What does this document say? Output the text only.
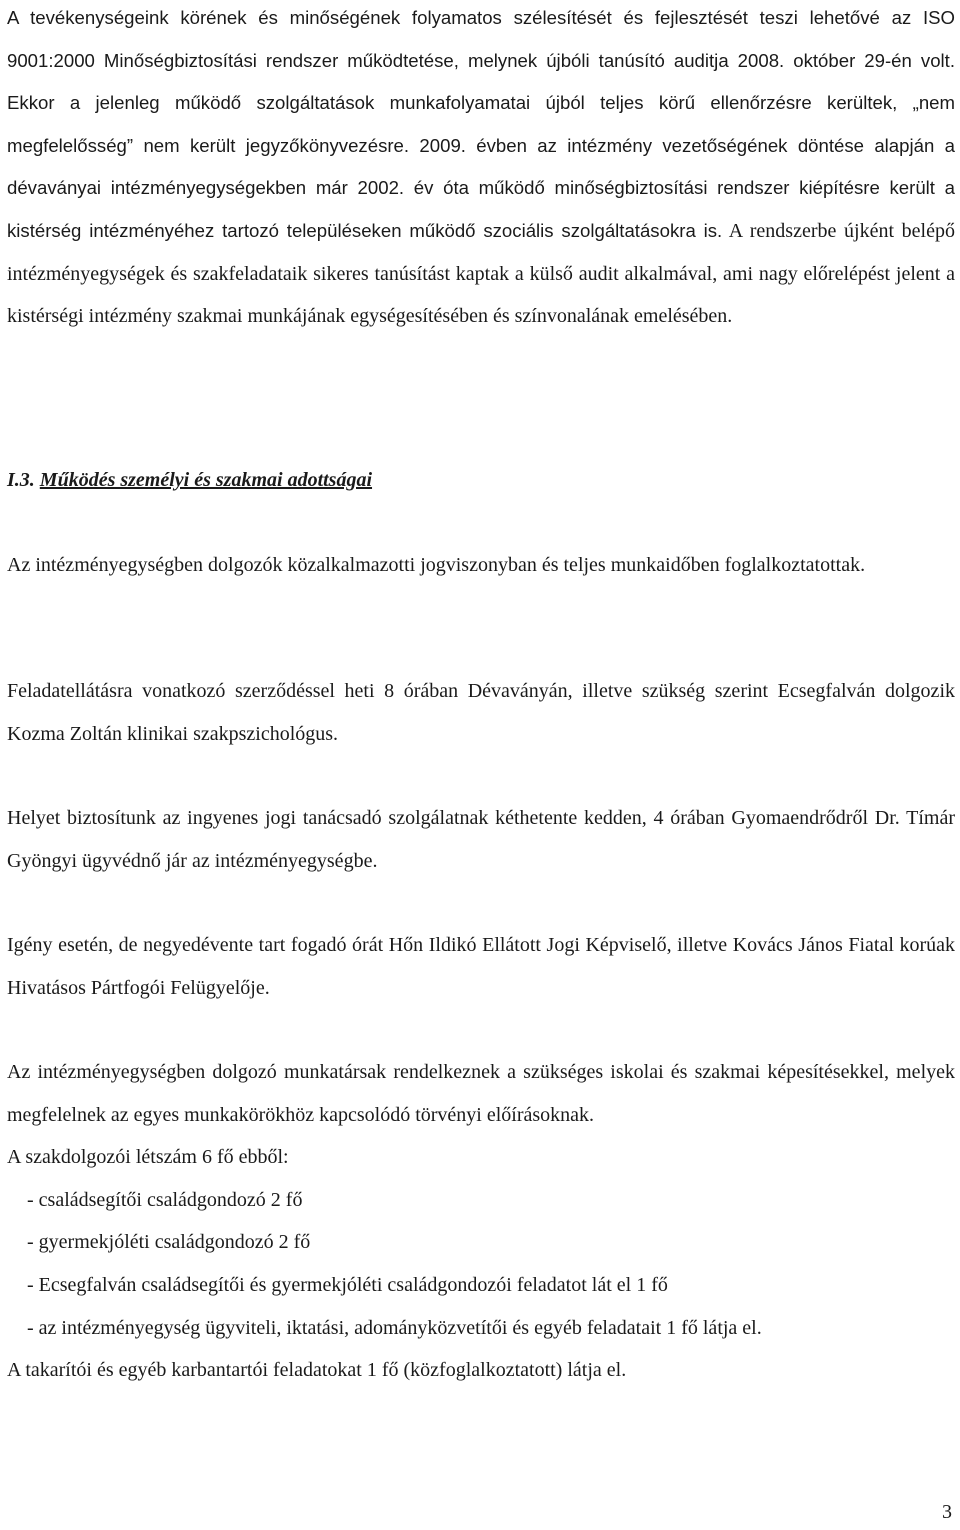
A tevékenységeink körének és minőségének folyamatos szélesítését és fejlesztését teszi lehetővé az ISO 9001:2000 Minőségbiztosítási rendszer működtetése, melynek újbóli tanúsító auditja 2008. október 29-én volt. Ekkor a jelenleg működő szolgáltatások munkafolyamatai újból teljes körű ellenőrzésre kerültek, „nem megfelelősség” nem került jegyzőkönyvezésre. 2009. évben az intézmény vezetőségének döntése alapján a dévaványai intézményegységekben már 2002. év óta működő minőségbiztosítási rendszer kiépítésre került a kistérség intézményéhez tartozó településeken működő szociális szolgáltatásokra is. A rendszerbe újként belépő intézményegységek és szakfeladataik sikeres tanúsítást kaptak a külső audit alkalmával, ami nagy előrelépést jelent a kistérségi intézmény szakmai munkájának egységesítésében és színvonalának emelésében.

I.3. Működés személyi és szakmai adottságai

Az intézményegységben dolgozók közalkalmazotti jogviszonyban és teljes munkaidőben foglalkoztatottak.

Feladatellátásra vonatkozó szerződéssel heti 8 órában Dévaványán, illetve szükség szerint Ecsegfalván dolgozik Kozma Zoltán klinikai szakpszichológus.

Helyet biztosítunk az ingyenes jogi tanácsadó szolgálatnak kéthetente kedden, 4 órában Gyomaendrődről Dr. Tímár Gyöngyi ügyvédnő jár az intézményegységbe.

Igény esetén, de negyedévente tart fogadó órát Hőn Ildikó Ellátott Jogi Képviselő, illetve Kovács János Fiatal korúak Hivatásos Pártfogói Felügyelője.

Az intézményegységben dolgozó munkatársak rendelkeznek a szükséges iskolai és szakmai képesítésekkel, melyek megfelelnek az egyes munkakörökhöz kapcsolódó törvényi előírásoknak.

A szakdolgozói létszám 6 fő ebből:

- családsegítői családgondozó 2 fő

- gyermekjóléti családgondozó 2 fő

- Ecsegfalván családsegítői és gyermekjóléti családgondozói feladatot lát el 1 fő

- az intézményegység ügyviteli, iktatási, adományközvetítői és egyéb feladatait 1 fő látja el.

A takarítói és egyéb karbantartói feladatokat 1 fő (közfoglalkoztatott) látja el.

3
